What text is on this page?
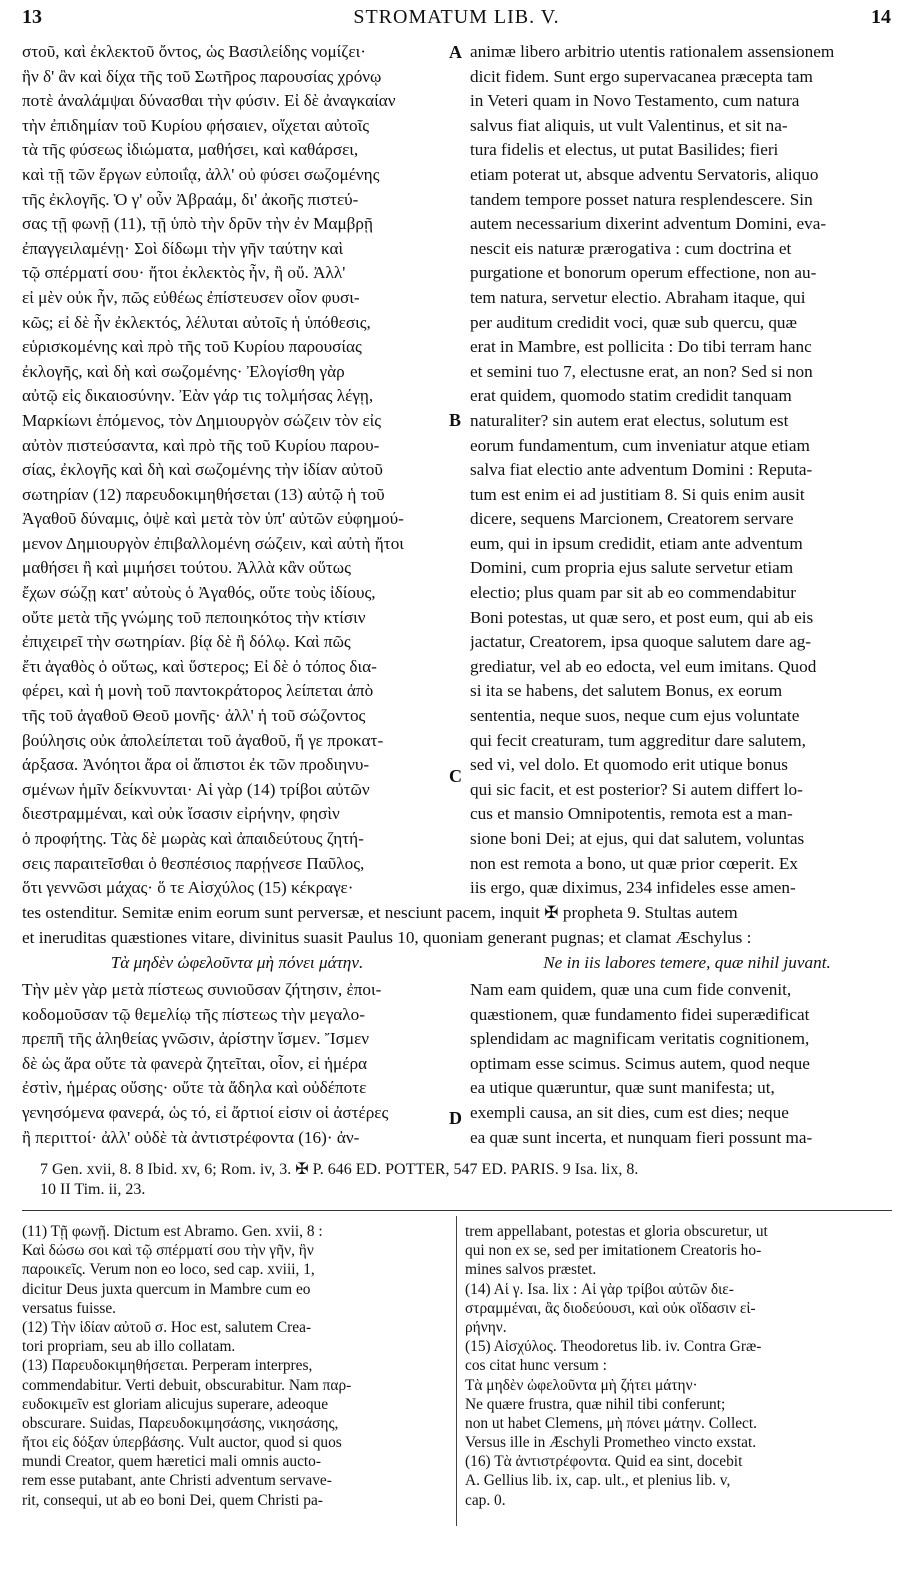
13	STROMATUM LIB. V.	14
στοῦ, καὶ ἐκλεκτοῦ ὄντος, ὡς Βασιλείδης νομίζει·
ἣν δ' ἂν καὶ δίχα τῆς τοῦ Σωτῆρος παρουσίας χρόνῳ
ποτὲ ἀναλάμψαι δύνασθαι τὴν φύσιν. Εἰ δὲ ἀναγκαίαν
τὴν ἐπιδημίαν τοῦ Κυρίου φήσαιεν, οἴχεται αὐτοῖς
τὰ τῆς φύσεως ἰδιώματα, μαθήσει, καὶ καθάρσει,
καὶ τῇ τῶν ἔργων εὐποιΐᾳ, ἀλλ' οὐ φύσει σωζομένης
τῆς ἐκλογῆς. Ὁ γ' οὖν Ἀβραάμ, δι' ἀκοῆς πιστεύ-
σας τῇ φωνῇ (11), τῇ ὑπὸ τὴν δρῦν τὴν ἐν Μαμβρῇ
ἐπαγγειλαμένῃ· Σοὶ δίδωμι τὴν γῆν ταύτην καὶ
τῷ σπέρματί σου· ἤτοι ἐκλεκτὸς ἦν, ἢ οὔ. Ἀλλ'
εἰ μὲν οὐκ ἦν, πῶς εὐθέως ἐπίστευσεν οἷον φυσι-
κῶς; εἰ δὲ ἦν ἐκλεκτός, λέλυται αὐτοῖς ἡ ὑπόθεσις,
εὑρισκομένης καὶ πρὸ τῆς τοῦ Κυρίου παρουσίας
ἐκλογῆς, καὶ δὴ καὶ σωζομένης· Ἐλογίσθη γὰρ
αὐτῷ εἰς δικαιοσύνην. Ἐὰν γάρ τις τολμήσας λέγῃ,
Μαρκίωνι ἑπόμενος, τὸν Δημιουργὸν σώζειν τὸν εἰς
αὐτὸν πιστεύσαντα, καὶ πρὸ τῆς τοῦ Κυρίου παρου-
σίας, ἐκλογῆς καὶ δὴ καὶ σωζομένης τὴν ἰδίαν αὐτοῦ
σωτηρίαν (12) παρευδοκιμηθήσεται (13) αὐτῷ ἡ τοῦ
Ἀγαθοῦ δύναμις, ὀψὲ καὶ μετὰ τὸν ὑπ' αὐτῶν εὐφημού-
μενον Δημιουργὸν ἐπιβαλλομένη σώζειν, καὶ αὐτὴ ἤτοι
μαθήσει ἢ καὶ μιμήσει τούτου. Ἀλλὰ κἂν οὕτως
ἔχων σώζῃ κατ' αὐτοὺς ὁ Ἀγαθός, οὔτε τοὺς ἰδίους,
οὔτε μετὰ τῆς γνώμης τοῦ πεποιηκότος τὴν κτίσιν
ἐπιχειρεῖ τὴν σωτηρίαν. βίᾳ δὲ ἢ δόλῳ. Καὶ πῶς
ἔτι ἀγαθὸς ὁ οὕτως, καὶ ὕστερος; Εἰ δὲ ὁ τόπος δια-
φέρει, καὶ ἡ μονὴ τοῦ παντοκράτορος λείπεται ἀπὸ
τῆς τοῦ ἀγαθοῦ Θεοῦ μονῆς· ἀλλ' ἡ τοῦ σώζοντος
βούλησις οὐκ ἀπολείπεται τοῦ ἀγαθοῦ, ἥ γε προκατ-
άρξασα. Ἀνόητοι ἄρα οἱ ἄπιστοι ἐκ τῶν προδιηνυ-
σμένων ἡμῖν δείκνυνται· Αἱ γὰρ (14) τρίβοι αὐτῶν
διεστραμμέναι, καὶ οὐκ ἴσασιν εἰρήνην, φησὶν
ὁ προφήτης. Τὰς δὲ μωρὰς καὶ ἀπαιδεύτους ζητή-
σεις παραιτεῖσθαι ὁ θεσπέσιος παρῄνεσε Παῦλος,
ὅτι γεννῶσι μάχας· ὅ τε Αἰσχύλος (15) κέκραγε·
animæ libero arbitrio utentis rationalem assensionem
dicit fidem. Sunt ergo supervacanea præcepta tam
in Veteri quam in Novo Testamento, cum natura
salvus fiat aliquis, ut vult Valentinus, et sit na-
tura fidelis et electus, ut putat Basilides; fieri
etiam poterat ut, absque adventu Servatoris, aliquo
tandem tempore posset natura resplendescere. Sin
autem necessarium dixerint adventum Domini, eva-
nescit eis naturæ prærogativa : cum doctrina et
purgatione et bonorum operum effectione, non au-
tem natura, servetur electio. Abraham itaque, qui
per auditum credidit voci, quæ sub quercu, quæ
erat in Mambre, est pollicita : Do tibi terram hanc
et semini tuo 7, electusne erat, an non? Sed si non
erat quidem, quomodo statim credidit tanquam
naturaliter? sin autem erat electus, solutum est
eorum fundamentum, cum inveniatur atque etiam
salva fiat electio ante adventum Domini : Reputa-
tum est enim ei ad justitiam 8. Si quis enim ausit
dicere, sequens Marcionem, Creatorem servare
eum, qui in ipsum credidit, etiam ante adventum
Domini, cum propria ejus salute servetur etiam
electio; plus quam par sit ab eo commendabitur
Boni potestas, ut quæ sero, et post eum, qui ab eis
jactatur, Creatorem, ipsa quoque salutem dare ag-
grediatur, vel ab eo edocta, vel eum imitans. Quod
si ita se habens, det salutem Bonus, ex eorum
sententia, neque suos, neque cum ejus voluntate
qui fecit creaturam, tum aggreditur dare salutem,
sed vi, vel dolo. Et quomodo erit utique bonus
qui sic facit, et est posterior? Si autem differt lo-
cus et mansio Omnipotentis, remota est a man-
sione boni Dei; at ejus, qui dat salutem, voluntas
non est remota a bono, ut quæ prior cœperit. Ex
iis ergo, quæ diximus, 234 infideles esse amen-
A
B
C
D
tes ostenditur. Semitæ enim eorum sunt perversæ, et nesciunt pacem, inquit ✠ propheta 9. Stultas autem
et ineruditas quæstiones vitare, divinitus suasit Paulus 10, quoniam generant pugnas; et clamat Æschylus :
Τὰ μηδὲν ὠφελοῦντα μὴ πόνει μάτην.	Ne in iis labores temere, quæ nihil juvant.
Τὴν μὲν γὰρ μετὰ πίστεως συνιοῦσαν ζήτησιν, ἐποι-
κοδομοῦσαν τῷ θεμελίῳ τῆς πίστεως τὴν μεγαλο-
πρεπῆ τῆς ἀληθείας γνῶσιν, ἀρίστην ἴσμεν. Ἴσμεν
δὲ ὡς ἄρα οὔτε τὰ φανερὰ ζητεῖται, οἷον, εἰ ἡμέρα
ἐστὶν, ἡμέρας οὔσης· οὔτε τὰ ἄδηλα καὶ οὐδέποτε
γενησόμενα φανερά, ὡς τό, εἰ ἄρτιοί εἰσιν οἱ ἀστέρες
ἢ περιττοί· ἀλλ' οὐδὲ τὰ ἀντιστρέφοντα (16)· ἀν-
Nam eam quidem, quæ una cum fide convenit,
quæstionem, quæ fundamento fidei superædificat
splendidam ac magnificam veritatis cognitionem,
optimam esse scimus. Scimus autem, quod neque
ea utique quæruntur, quæ sunt manifesta; ut,
exempli causa, an sit dies, cum est dies; neque
ea quæ sunt incerta, et nunquam fieri possunt ma-
7 Gen. xvii, 8. 8 Ibid. xv, 6; Rom. iv, 3. ✠ P. 646 ED. POTTER, 547 ED. PARIS. 9 Isa. lix, 8.
10 II Tim. ii, 23.
(11) Τῇ φωνῇ. Dictum est Abramo. Gen. xvii, 8 :
Καὶ δώσω σοι καὶ τῷ σπέρματί σου τὴν γῆν, ἣν
παροικεῖς. Verum non eo loco, sed cap. xviii, 1,
dicitur Deus juxta quercum in Mambre cum eo
versatus fuisse.
(12) Τὴν ἰδίαν αὐτοῦ σ. Hoc est, salutem Crea-
tori propriam, seu ab illo collatam.
(13) Παρευδοκιμηθήσεται. Perperam interpres,
commendabitur. Verti debuit, obscurabitur. Nam παρ-
ευδοκιμεῖν est gloriam alicujus superare, adeoque
obscurare. Suidas, Παρευδοκιμησάσης, νικησάσης,
ἤτοι εἰς δόξαν ὑπερβάσης. Vult auctor, quod si quos
mundi Creator, quem hæretici mali omnis aucto-
rem esse putabant, ante Christi adventum servave-
rit, consequi, ut ab eo boni Dei, quem Christi pa-
trem appellabant, potestas et gloria obscuretur, ut
qui non ex se, sed per imitationem Creatoris ho-
mines salvos præstet.
(14) Αἱ γ. Isa. lix : Αἱ γὰρ τρίβοι αὐτῶν διε-
στραμμέναι, ἃς διοδεύουσι, καὶ οὐκ οἴδασιν εἰ-
ρήνην.
(15) Αἰσχύλος. Theodoretus lib. iv. Contra Græ-
cos citat hunc versum :
Τὰ μηδὲν ὠφελοῦντα μὴ ζήτει μάτην·
Ne quære frustra, quæ nihil tibi conferunt;
non ut habet Clemens, μὴ πόνει μάτην. Collect.
Versus ille in Æschyli Prometheo vincto exstat.
(16) Τὰ ἀντιστρέφοντα. Quid ea sint, docebit
A. Gellius lib. ix, cap. ult., et plenius lib. v,
cap. 0.
